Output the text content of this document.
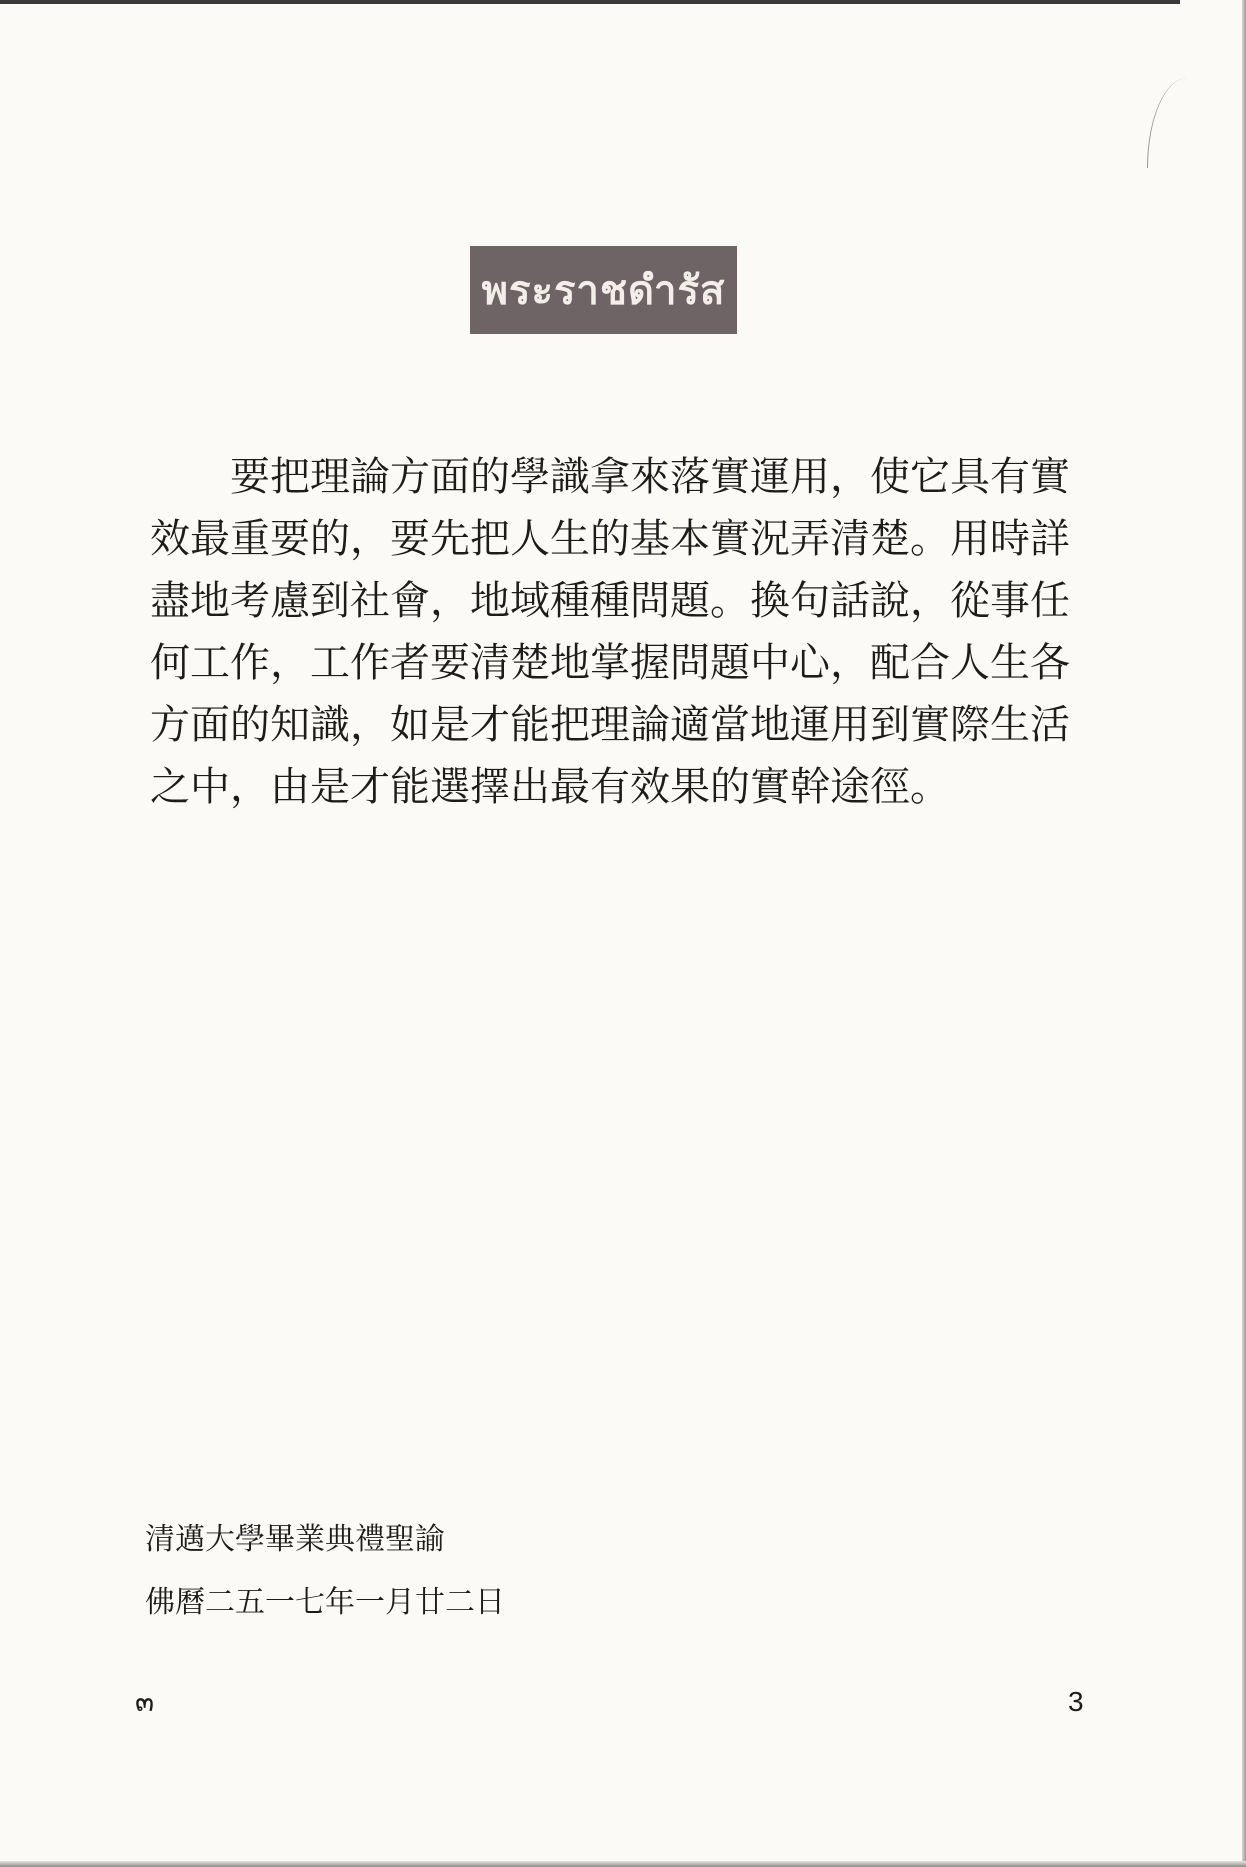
พระราชดำรัส

要把理論方面的學識拿來落實運用，使它具有實效最重要的，要先把人生的基本實況弄清楚。用時詳盡地考慮到社會，地域種種問題。換句話說，從事任何工作，工作者要清楚地掌握問題中心，配合人生各方面的知識，如是才能把理論適當地運用到實際生活之中，由是才能選擇出最有效果的實幹途徑。

清邁大學畢業典禮聖諭

佛曆二五一七年一月廿二日

๓	3
